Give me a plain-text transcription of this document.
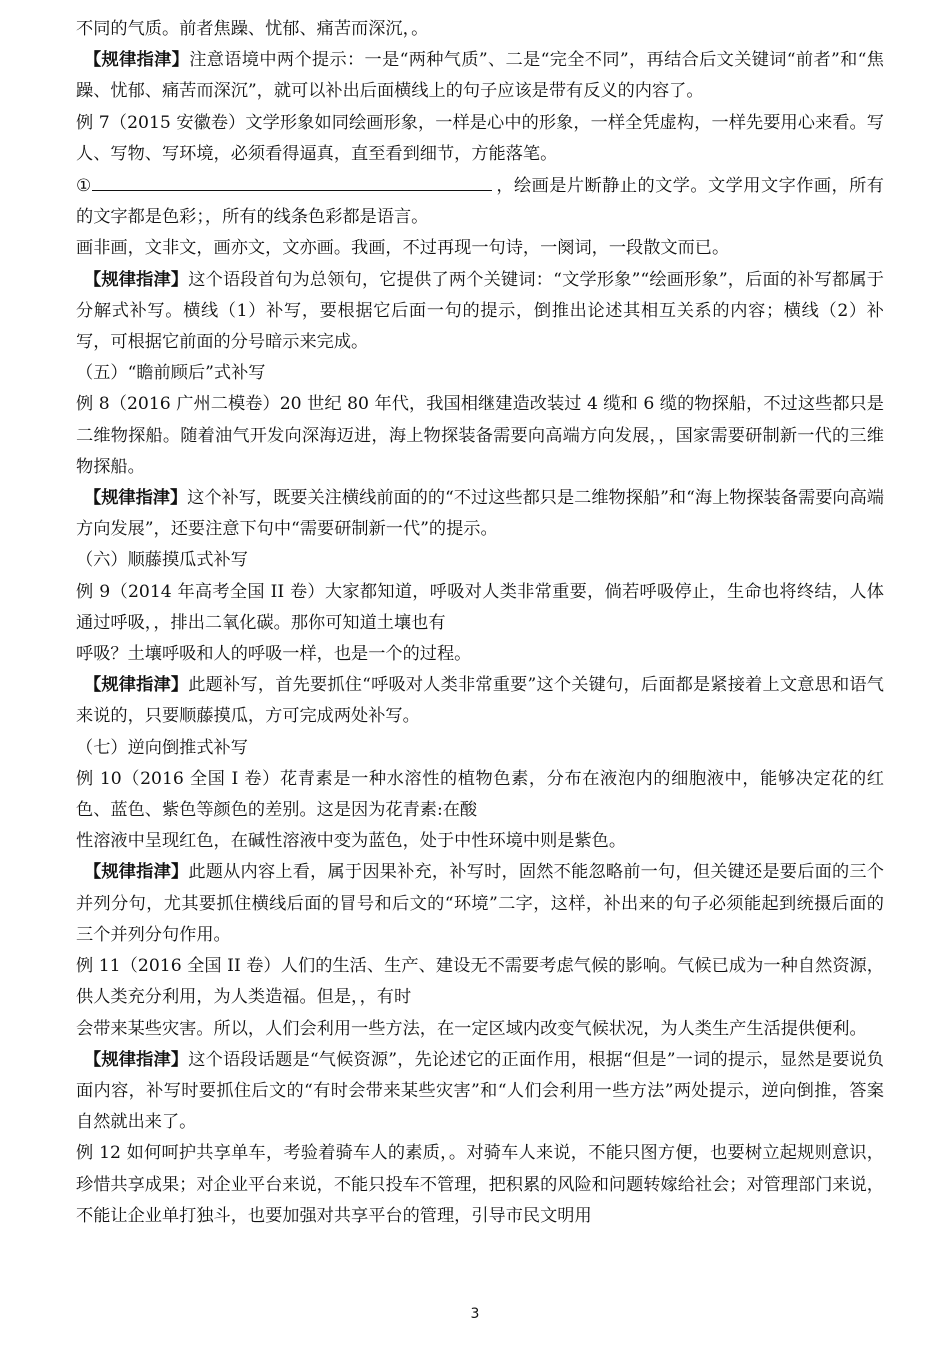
不同的气质。前者焦躁、忧郁、痛苦而深沉，。

【规律指津】注意语境中两个提示：一是“两种气质”、二是“完全不同”，再结合后文关键词“前者”和“焦躁、忧郁、痛苦而深沉”，就可以补出后面横线上的句子应该是带有反义的内容了。

例 7（2015 安徽卷）文学形象如同绘画形象，一样是心中的形象，一样全凭虚构，一样先要用心来看。写人、写物、写环境，必须看得逼真，直至看到细节，方能落笔。

①	，绘画是片断静止的文学。文学用文字作画，所有的文字都是色彩；，所有的线条色彩都是语言。

画非画，文非文，画亦文，文亦画。我画，不过再现一句诗，一阕词，一段散文而已。

【规律指津】这个语段首句为总领句，它提供了两个关键词：“文学形象”“绘画形象”，后面的补写都属于分解式补写。横线（1）补写，要根据它后面一句的提示，倒推出论述其相互关系的内容；横线（2）补写，可根据它前面的分号暗示来完成。

（五）“瞻前顾后”式补写

例 8（2016 广州二模卷）20 世纪 80 年代，我国相继建造改装过 4 缆和 6 缆的物探船，不过这些都只是二维物探船。随着油气开发向深海迈进，海上物探装备需要向高端方向发展，，国家需要研制新一代的三维物探船。

【规律指津】这个补写，既要关注横线前面的的“不过这些都只是二维物探船”和“海上物探装备需要向高端方向发展”，还要注意下句中“需要研制新一代”的提示。

（六）顺藤摸瓜式补写

例 9（2014 年高考全国 II 卷）大家都知道，呼吸对人类非常重要，倘若呼吸停止，生命也将终结，人体通过呼吸，，排出二氧化碳。那你可知道土壤也有

呼吸？土壤呼吸和人的呼吸一样，也是一个的过程。

【规律指津】此题补写，首先要抓住“呼吸对人类非常重要”这个关键句，后面都是紧接着上文意思和语气来说的，只要顺藤摸瓜，方可完成两处补写。

（七）逆向倒推式补写

例 10（2016 全国 I 卷）花青素是一种水溶性的植物色素，分布在液泡内的细胞液中，能够决定花的红色、蓝色、紫色等颜色的差别。这是因为花青素:在酸

性溶液中呈现红色，在碱性溶液中变为蓝色，处于中性环境中则是紫色。

【规律指津】此题从内容上看，属于因果补充，补写时，固然不能忽略前一句，但关键还是要后面的三个并列分句，尤其要抓住横线后面的冒号和后文的“环境”二字，这样，补出来的句子必须能起到统摄后面的三个并列分句作用。

例 11（2016 全国 II 卷）人们的生活、生产、建设无不需要考虑气候的影响。气候已成为一种自然资源，供人类充分利用，为人类造福。但是，，有时

会带来某些灾害。所以，人们会利用一些方法，在一定区域内改变气候状况，为人类生产生活提供便利。

【规律指津】这个语段话题是“气候资源”，先论述它的正面作用，根据“但是”一词的提示，显然是要说负面内容，补写时要抓住后文的“有时会带来某些灾害”和“人们会利用一些方法”两处提示，逆向倒推，答案自然就出来了。

例 12 如何呵护共享单车，考验着骑车人的素质，。对骑车人来说，不能只图方便，也要树立起规则意识，珍惜共享成果；对企业平台来说，不能只投车不管理，把积累的风险和问题转嫁给社会；对管理部门来说，不能让企业单打独斗，也要加强对共享平台的管理，引导市民文明用

3
